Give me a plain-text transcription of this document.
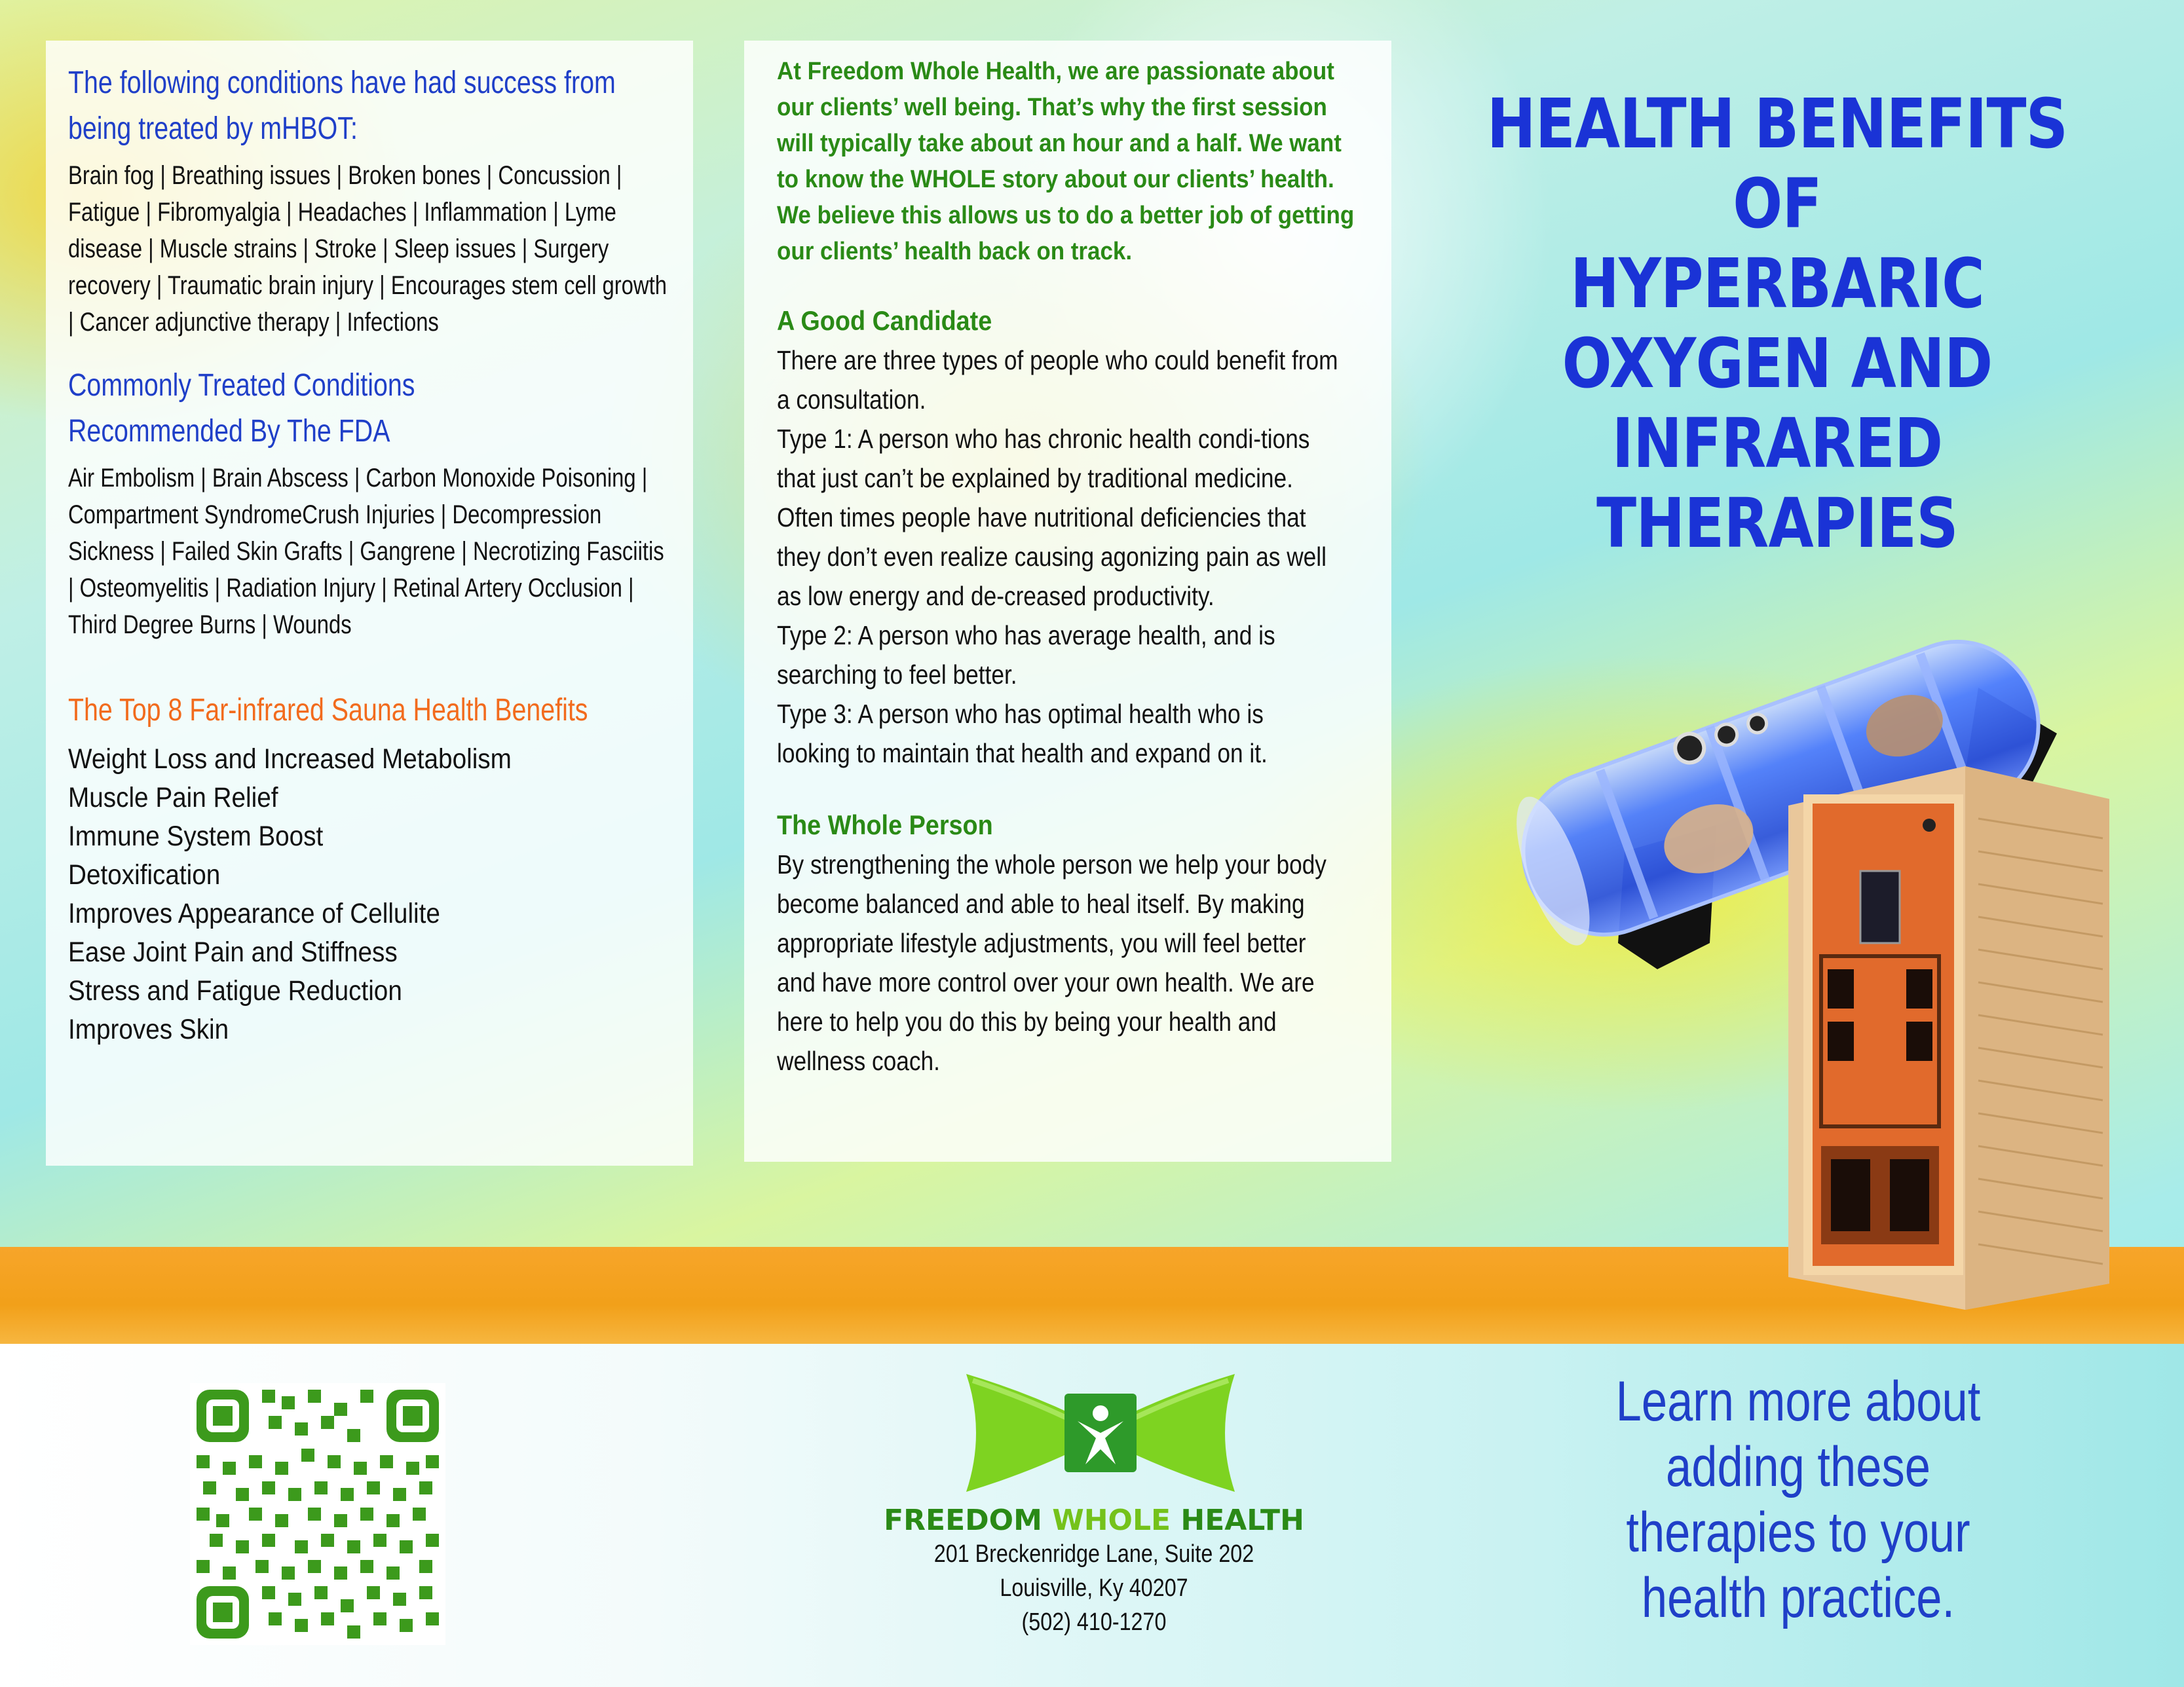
The following conditions have had success from
being treated by mHBOT:

Brain fog | Breathing issues | Broken bones | Concussion | Fatigue | Fibromyalgia | Headaches | Inflammation | Lyme disease | Muscle strains | Stroke | Sleep issues | Surgery recovery | Traumatic brain injury | Encourages stem cell growth | Cancer adjunctive therapy | Infections

Commonly Treated Conditions
Recommended By The FDA

Air Embolism | Brain Abscess | Carbon Monoxide Poisoning | Compartment SyndromeCrush Injuries | Decompression Sickness | Failed Skin Grafts | Gangrene | Necrotizing Fasciitis | Osteomyelitis | Radiation Injury | Retinal Artery Occlusion | Third Degree Burns | Wounds

The Top 8 Far-infrared Sauna Health Benefits
Weight Loss and Increased Metabolism
Muscle Pain Relief
Immune System Boost
Detoxification
Improves Appearance of Cellulite
Ease Joint Pain and Stiffness
Stress and Fatigue Reduction
Improves Skin

At Freedom Whole Health, we are passionate about our clients’ well being. That’s why the first session will typically take about an hour and a half. We want to know the WHOLE story about our clients’ health. We believe this allows us to do a better job of getting our clients’ health back on track.

A Good Candidate

There are three types of people who could benefit from a consultation.

Type 1: A person who has chronic health condi-tions that just can’t be explained by traditional medicine. Often times people have nutritional deficiencies that they don’t even realize causing agonizing pain as well as low energy and de-creased productivity.

Type 2: A person who has average health, and is searching to feel better.

Type 3: A person who has optimal health who is looking to maintain that health and expand on it.

The Whole Person

By strengthening the whole person we help your body become balanced and able to heal itself. By making appropriate lifestyle adjustments, you will feel better and have more control over your own health. We are here to help you do this by being your health and wellness coach.

HEALTH BENEFITS
OF
HYPERBARIC
OXYGEN AND
INFRARED
THERAPIES
FREEDOM WHOLE HEALTH
201 Breckenridge Lane, Suite 202
Louisville, Ky 40207
(502) 410-1270
Learn more about adding these therapies to your health practice.
